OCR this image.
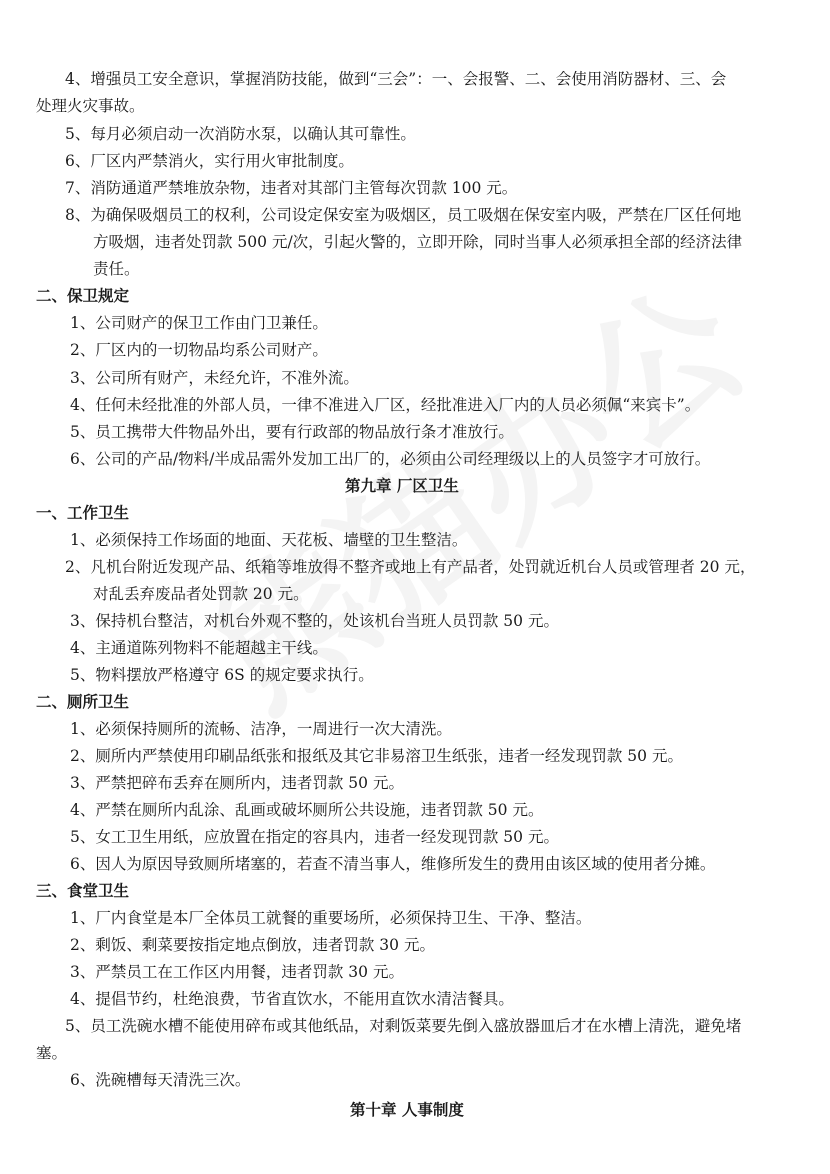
4、增强员工安全意识，掌握消防技能，做到“三会”：一、会报警、二、会使用消防器材、三、会
处理火灾事故。
5、每月必须启动一次消防水泵，以确认其可靠性。
6、厂区内严禁消火，实行用火审批制度。
7、消防通道严禁堆放杂物，违者对其部门主管每次罚款 100 元。
8、为确保吸烟员工的权利，公司设定保安室为吸烟区，员工吸烟在保安室内吸，严禁在厂区任何地
方吸烟，违者处罚款 500 元/次，引起火警的，立即开除，同时当事人必须承担全部的经济法律
责任。
二、保卫规定
1、公司财产的保卫工作由门卫兼任。
2、厂区内的一切物品均系公司财产。
3、公司所有财产，未经允许，不准外流。
4、任何未经批准的外部人员，一律不准进入厂区，经批准进入厂内的人员必须佩“来宾卡”。
5、员工携带大件物品外出，要有行政部的物品放行条才准放行。
6、公司的产品/物料/半成品需外发加工出厂的，必须由公司经理级以上的人员签字才可放行。
第九章 厂区卫生
一、工作卫生
1、必须保持工作场面的地面、天花板、墙壁的卫生整洁。
2、凡机台附近发现产品、纸箱等堆放得不整齐或地上有产品者，处罚就近机台人员或管理者 20 元，
对乱丢弃废品者处罚款 20 元。
3、保持机台整洁，对机台外观不整的，处该机台当班人员罚款 50 元。
4、主通道陈列物料不能超越主干线。
5、物料摆放严格遵守 6S 的规定要求执行。
二、厕所卫生
1、必须保持厕所的流畅、洁净，一周进行一次大清洗。
2、厕所内严禁使用印刷品纸张和报纸及其它非易溶卫生纸张，违者一经发现罚款 50 元。
3、严禁把碎布丢弃在厕所内，违者罚款 50 元。
4、严禁在厕所内乱涂、乱画或破坏厕所公共设施，违者罚款 50 元。
5、女工卫生用纸，应放置在指定的容具内，违者一经发现罚款 50 元。
6、因人为原因导致厕所堵塞的，若查不清当事人，维修所发生的费用由该区域的使用者分摊。
三、食堂卫生
1、厂内食堂是本厂全体员工就餐的重要场所，必须保持卫生、干净、整洁。
2、剩饭、剩菜要按指定地点倒放，违者罚款 30 元。
3、严禁员工在工作区内用餐，违者罚款 30 元。
4、提倡节约，杜绝浪费，节省直饮水，不能用直饮水清洁餐具。
5、员工洗碗水槽不能使用碎布或其他纸品，对剩饭菜要先倒入盛放器皿后才在水槽上清洗，避免堵
塞。
6、洗碗槽每天清洗三次。
第十章 人事制度
